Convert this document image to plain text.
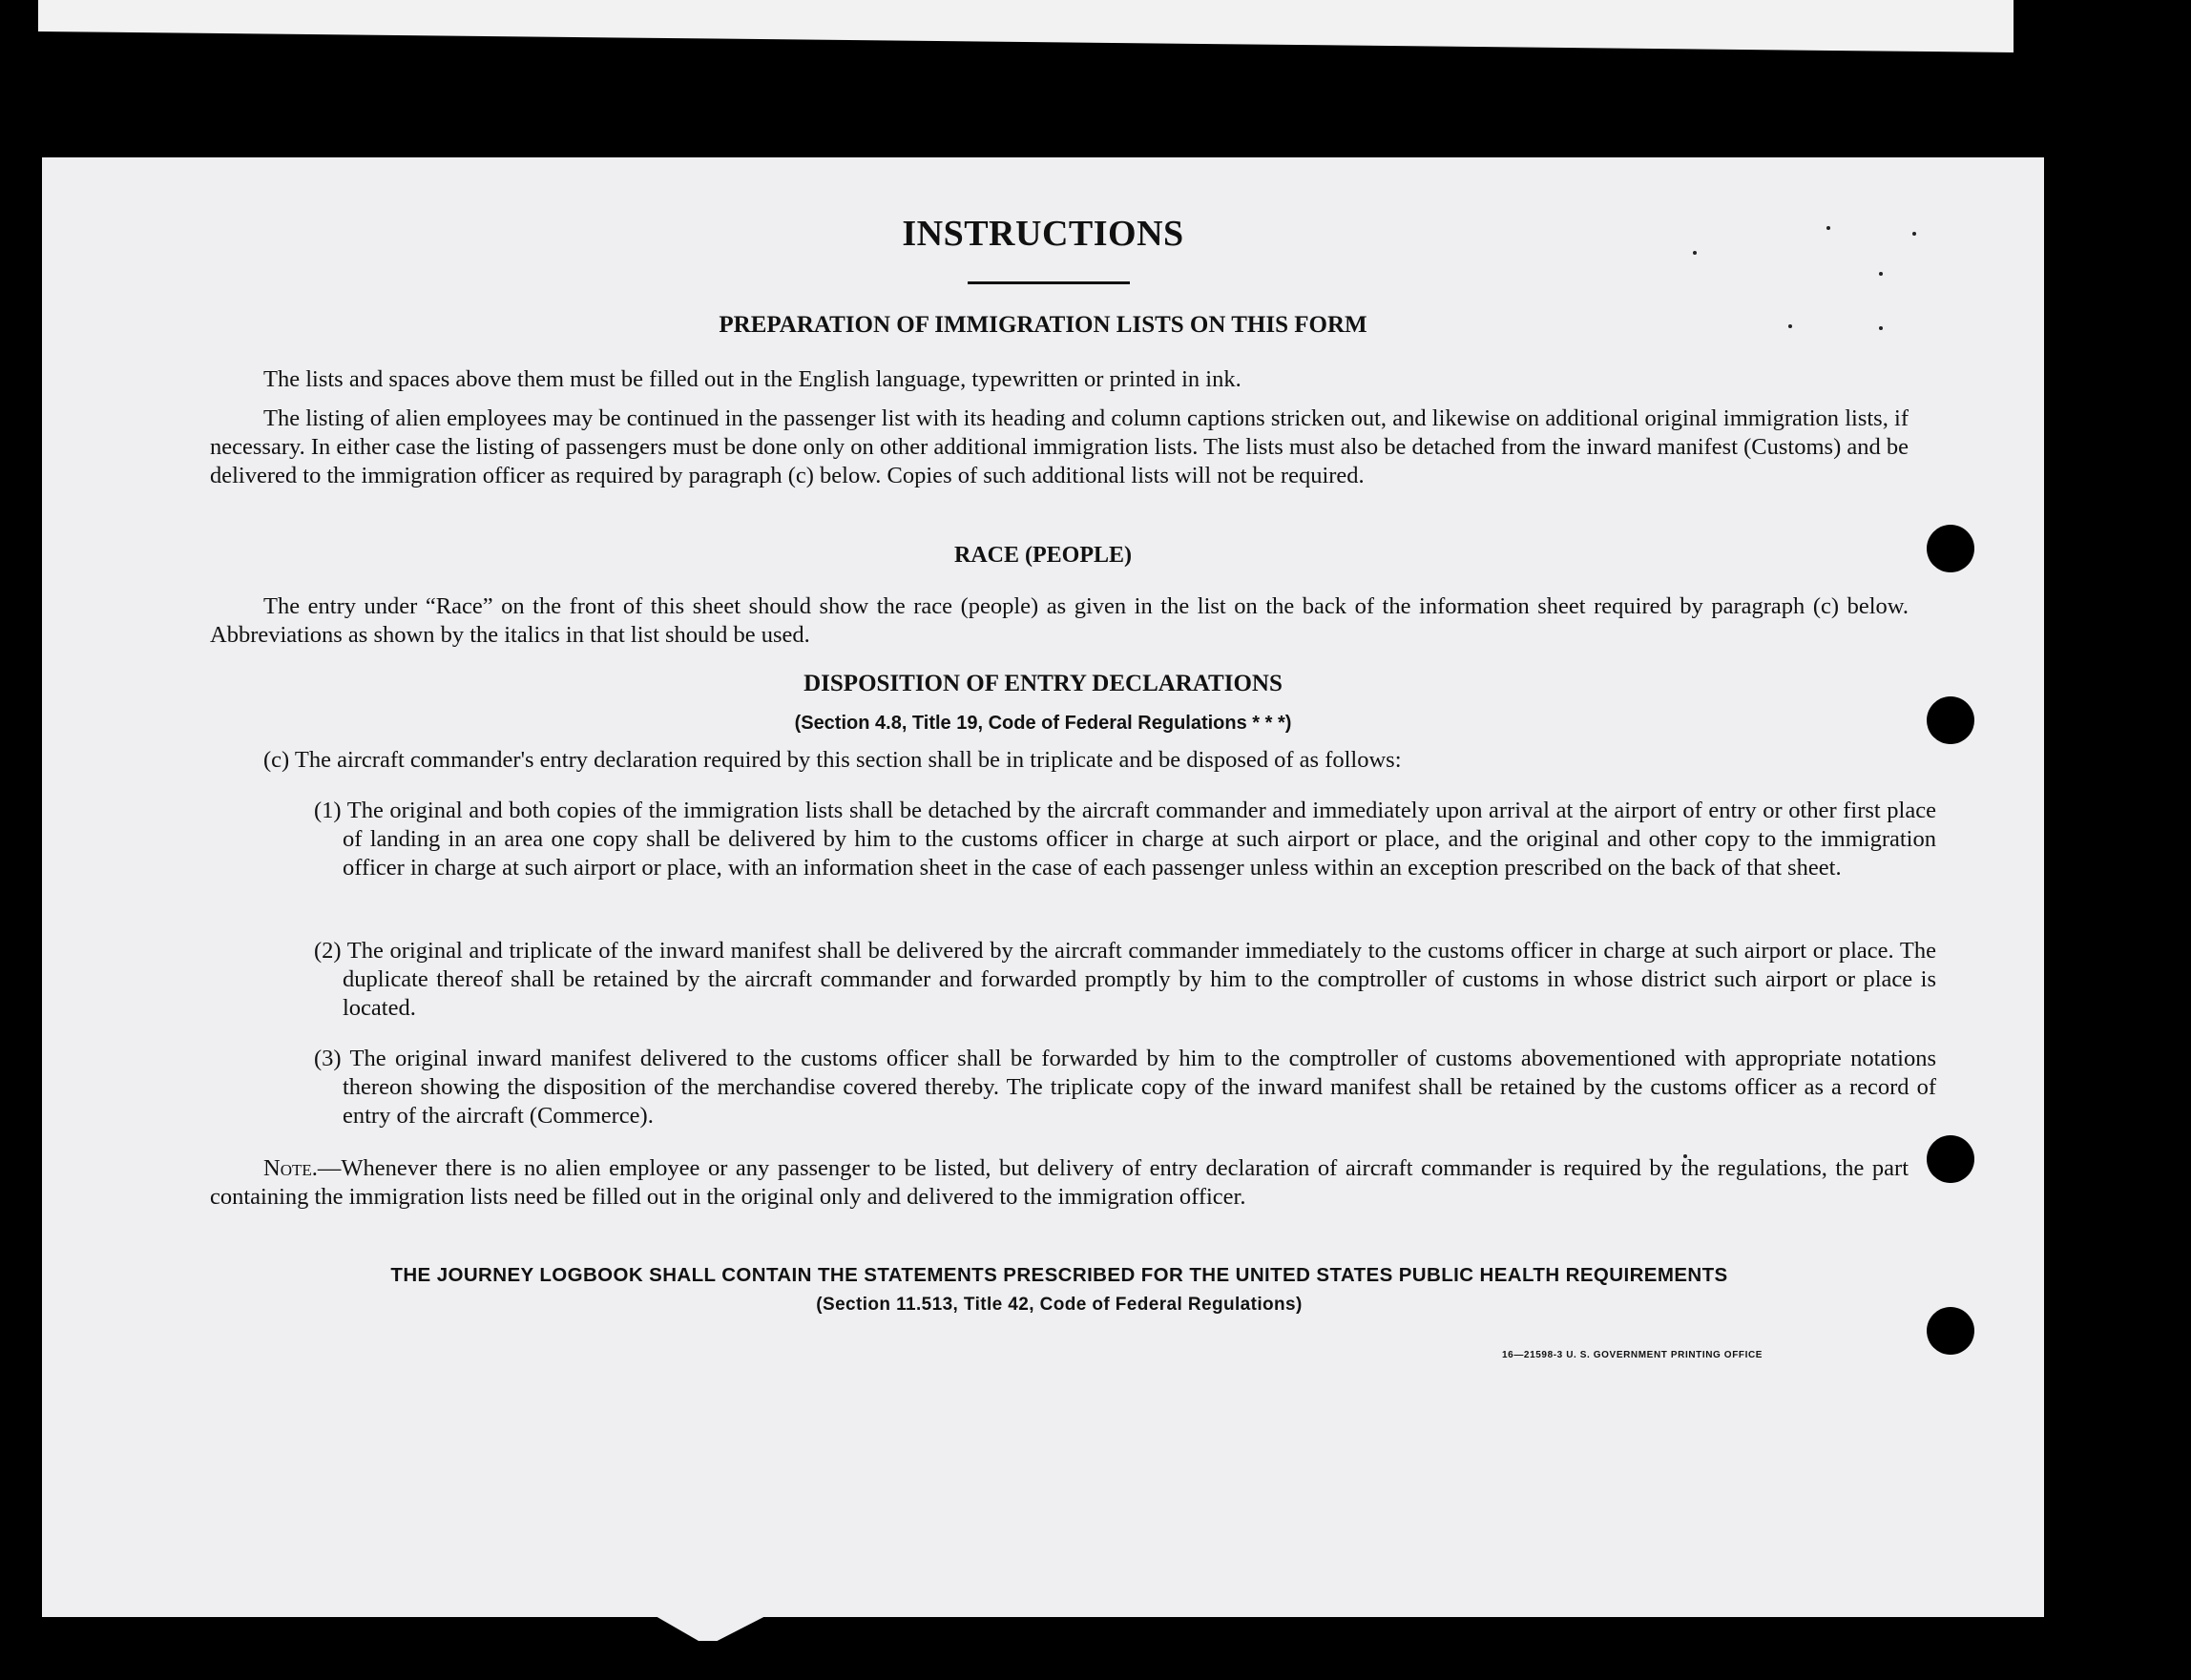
INSTRUCTIONS
PREPARATION OF IMMIGRATION LISTS ON THIS FORM
The lists and spaces above them must be filled out in the English language, typewritten or printed in ink.
The listing of alien employees may be continued in the passenger list with its heading and column captions stricken out, and likewise on additional original immigration lists, if necessary. In either case the listing of passengers must be done only on other additional immigration lists. The lists must also be detached from the inward manifest (Customs) and be delivered to the immigration officer as required by paragraph (c) below. Copies of such additional lists will not be required.
RACE (PEOPLE)
The entry under “Race” on the front of this sheet should show the race (people) as given in the list on the back of the information sheet required by paragraph (c) below. Abbreviations as shown by the italics in that list should be used.
DISPOSITION OF ENTRY DECLARATIONS
(Section 4.8, Title 19, Code of Federal Regulations * * *)
(c) The aircraft commander's entry declaration required by this section shall be in triplicate and be disposed of as follows:
(1) The original and both copies of the immigration lists shall be detached by the aircraft commander and immediately upon arrival at the airport of entry or other first place of landing in an area one copy shall be delivered by him to the customs officer in charge at such airport or place, and the original and other copy to the immigration officer in charge at such airport or place, with an information sheet in the case of each passenger unless within an exception prescribed on the back of that sheet.
(2) The original and triplicate of the inward manifest shall be delivered by the aircraft commander immediately to the customs officer in charge at such airport or place. The duplicate thereof shall be retained by the aircraft commander and forwarded promptly by him to the comptroller of customs in whose district such airport or place is located.
(3) The original inward manifest delivered to the customs officer shall be forwarded by him to the comptroller of customs abovementioned with appropriate notations thereon showing the disposition of the merchandise covered thereby. The triplicate copy of the inward manifest shall be retained by the customs officer as a record of entry of the aircraft (Commerce).
Note.—Whenever there is no alien employee or any passenger to be listed, but delivery of entry declaration of aircraft commander is required by the regulations, the part containing the immigration lists need be filled out in the original only and delivered to the immigration officer.
THE JOURNEY LOGBOOK SHALL CONTAIN THE STATEMENTS PRESCRIBED FOR THE UNITED STATES PUBLIC HEALTH REQUIREMENTS
(Section 11.513, Title 42, Code of Federal Regulations)
16—21598-3 U. S. GOVERNMENT PRINTING OFFICE
